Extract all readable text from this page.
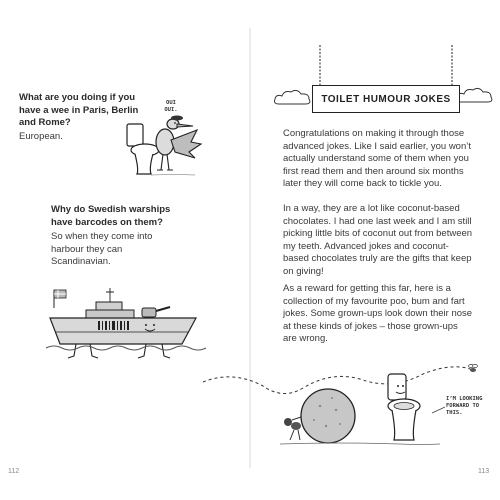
What are you doing if you have a wee in Paris, Berlin and Rome?
European.
OUI OUI.
Why do Swedish warships have barcodes on them?
So when they come into harbour they can Scandinavian.
112
TOILET HUMOUR JOKES
Congratulations on making it through those advanced jokes. Like I said earlier, you won’t actually understand some of them when you first read them and then around six months later they will come back to tickle you.
In a way, they are a lot like coconut-based chocolates. I had one last week and I am still picking little bits of coconut out from between my teeth. Advanced jokes and coconut-based chocolates truly are the gifts that keep on giving!
As a reward for getting this far, here is a collection of my favourite poo, bum and fart jokes. Some grown-ups look down their nose at these kinds of jokes – those grown-ups are wrong.
I’M LOOKING FORWARD TO THIS.
113
